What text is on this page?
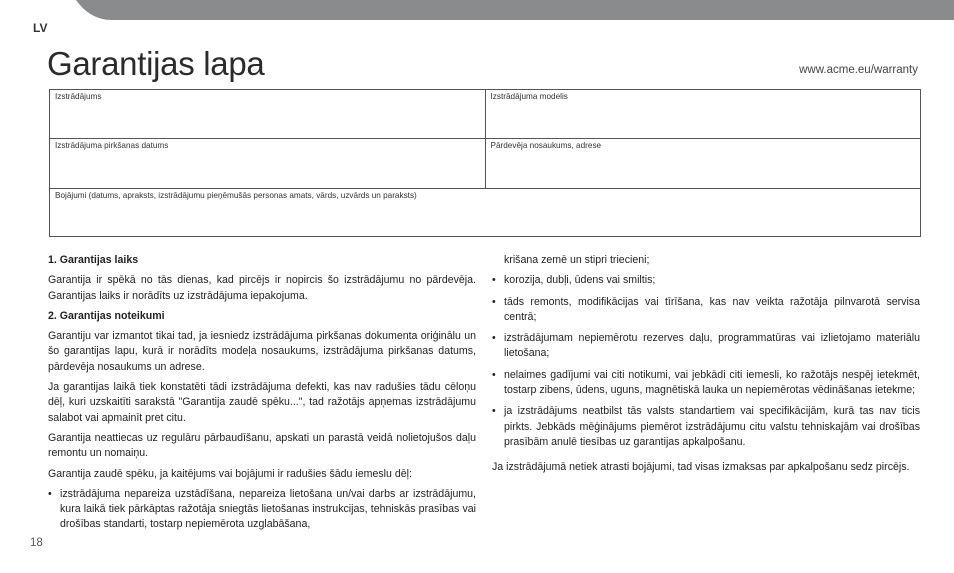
LV
Garantijas lapa	www.acme.eu/warranty
Izstrādājums	Izstrādājuma modelis
Izstrādājuma pirkšanas datums	Pārdevēja nosaukums, adrese
Bojājumi (datums, apraksts, izstrādājumu pieņēmušās personas amats, vārds, uzvārds un paraksts)	
1. Garantijas laiks

Garantija ir spēkā no tās dienas, kad pircējs ir nopircis šo izstrādājumu no pārdevēja. Garantijas laiks ir norādīts uz izstrādājuma iepakojuma.

2. Garantijas noteikumi

Garantiju var izmantot tikai tad, ja iesniedz izstrādājuma pirkšanas dokumenta oriģinālu un šo garantijas lapu, kurā ir norādīts modeļa nosaukums, izstrādājuma pirkšanas datums, pārdevēja nosaukums un adrese.

Ja garantijas laikā tiek konstatēti tādi izstrādājuma defekti, kas nav radušies tādu cēloņu dēļ, kuri uzskaitīti sarakstā "Garantija zaudē spēku...", tad ražotājs apņemas izstrādājumu salabot vai apmainīt pret citu.

Garantija neattiecas uz regulāru pārbaudīšanu, apskati un parastā veidā nolietojušos daļu remontu un nomaiņu.

Garantija zaudē spēku, ja kaitējums vai bojājumi ir radušies šādu iemeslu dēļ:

• izstrādājuma nepareiza uzstādīšana, nepareiza lietošana un/vai darbs ar izstrādājumu, kura laikā tiek pārkāptas ražotāja sniegtās lietošanas instrukcijas, tehniskās prasības vai drošības standarti, tostarp nepiemērota uzglabāšana,

krišana zemē un stipri triecieni;

• korozija, dubļi, ūdens vai smiltis;
• tāds remonts, modifikācijas vai tīrīšana, kas nav veikta ražotāja pilnvarotā servisa centrā;
• izstrādājumam nepiemērotu rezerves daļu, programmatūras vai izlietojamo materiālu lietošana;
• nelaimes gadījumi vai citi notikumi, vai jebkādi citi iemesli, ko ražotājs nespēj ietekmēt, tostarp zibens, ūdens, uguns, magnētiskā lauka un nepiemērotas vēdināšanas ietekme;
• ja izstrādājums neatbilst tās valsts standartiem vai specifikācijām, kurā tas nav ticis pirkts. Jebkāds mēģinājums piemērot izstrādājumu citu valstu tehniskajām vai drošības prasībām anulē tiesības uz garantijas apkalpošanu.

Ja izstrādājumā netiek atrasti bojājumi, tad visas izmaksas par apkalpošanu sedz pircējs.

18
